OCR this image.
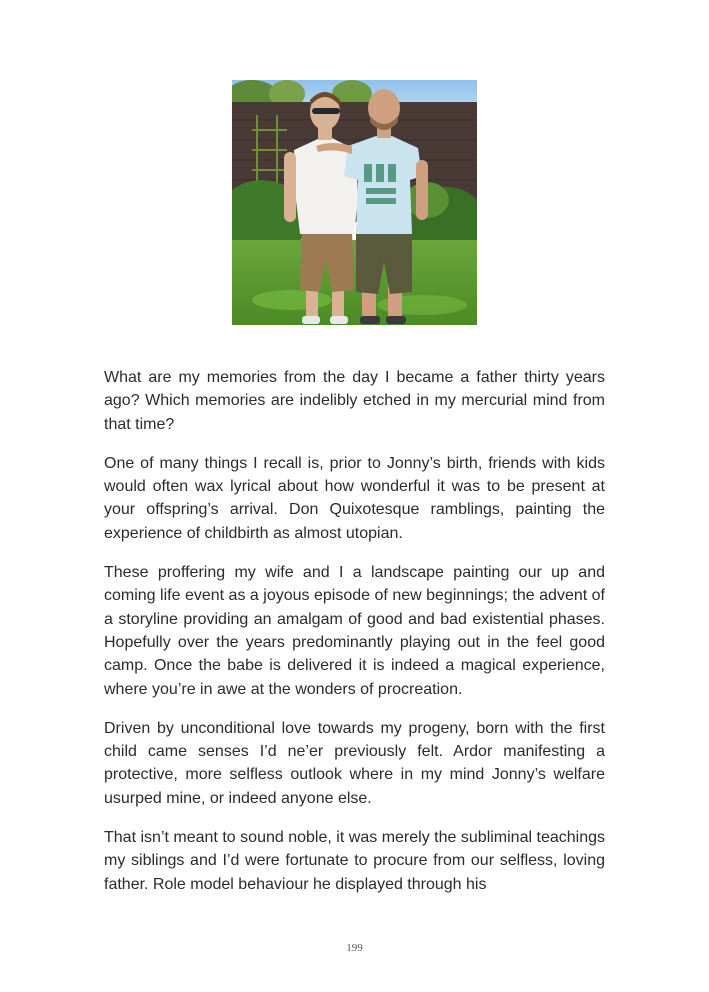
What are my memories from the day I became a father thirty years ago? Which memories are indelibly etched in my mercurial mind from that time?

One of many things I recall is, prior to Jonny’s birth, friends with kids would often wax lyrical about how wonderful it was to be present at your offspring’s arrival. Don Quixotesque ramblings, painting the experience of childbirth as almost utopian.

These proffering my wife and I a landscape painting our up and coming life event as a joyous episode of new beginnings; the advent of a storyline providing an amalgam of good and bad existential phases. Hopefully over the years predominantly playing out in the feel good camp. Once the babe is delivered it is indeed a magical experience, where you’re in awe at the wonders of procreation.

Driven by unconditional love towards my progeny, born with the first child came senses I’d ne’er previously felt. Ardor manifesting a protective, more selfless outlook where in my mind Jonny’s welfare usurped mine, or indeed anyone else.

That isn’t meant to sound noble, it was merely the subliminal teachings my siblings and I’d were fortunate to procure from our selfless, loving father. Role model behaviour he displayed through his

199
